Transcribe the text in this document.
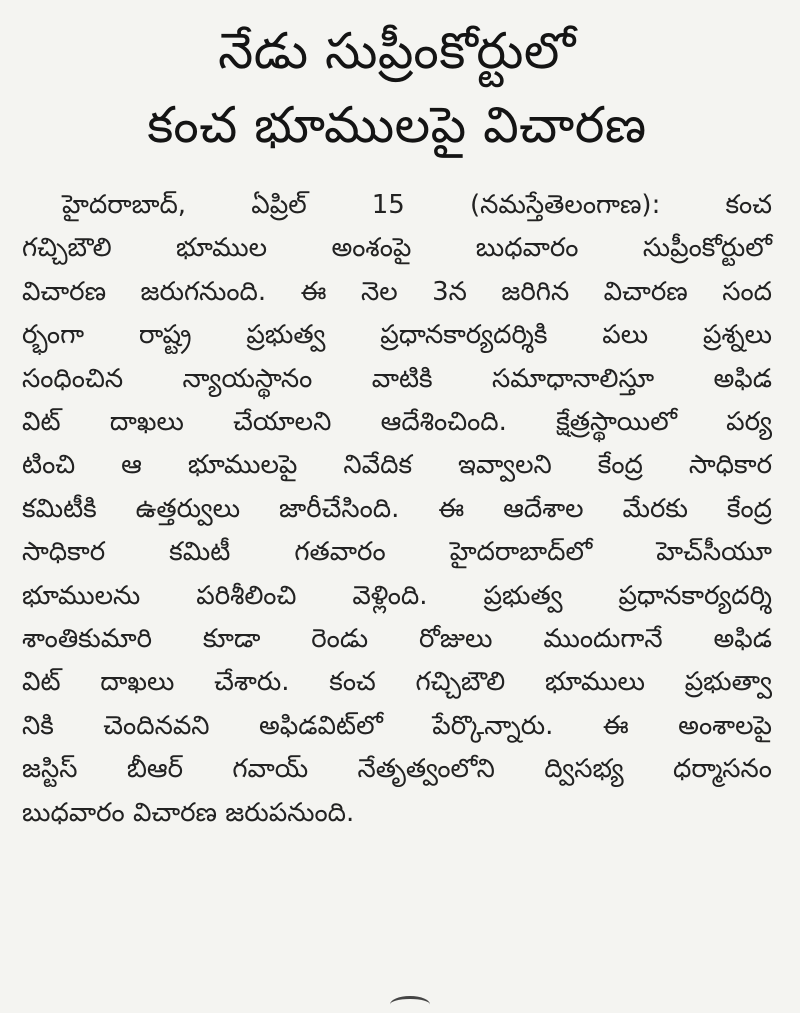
నేడు సుప్రీంకోర్టులో
కంచ భూములపై విచారణ
హైదరాబాద్, ఏప్రిల్ 15 (నమస్తేతెలంగాణ): కంచ
గచ్చిబౌలి భూముల అంశంపై బుధవారం సుప్రీంకోర్టులో
విచారణ జరుగనుంది. ఈ నెల 3న జరిగిన విచారణ సంద
ర్భంగా రాష్ట్ర ప్రభుత్వ ప్రధానకార్యదర్శికి పలు ప్రశ్నలు
సంధించిన న్యాయస్థానం వాటికి సమాధానాలిస్తూ అఫిడ
విట్ దాఖలు చేయాలని ఆదేశించింది. క్షేత్రస్థాయిలో పర్య
టించి ఆ భూములపై నివేదిక ఇవ్వాలని కేంద్ర సాధికార
కమిటీకి ఉత్తర్వులు జారీచేసింది. ఈ ఆదేశాల మేరకు కేంద్ర
సాధికార కమిటీ గతవారం హైదరాబాద్‌లో హెచ్‌సీయూ
భూములను పరిశీలించి వెళ్లింది. ప్రభుత్వ ప్రధానకార్యదర్శి
శాంతికుమారి కూడా రెండు రోజులు ముందుగానే అఫిడ
విట్ దాఖలు చేశారు. కంచ గచ్చిబౌలి భూములు ప్రభుత్వా
నికి చెందినవని అఫిడవిట్‌లో పేర్కొన్నారు. ఈ అంశాలపై
జస్టిస్ బీఆర్ గవాయ్ నేతృత్వంలోని ద్విసభ్య ధర్మాసనం
బుధవారం విచారణ జరుపనుంది.
